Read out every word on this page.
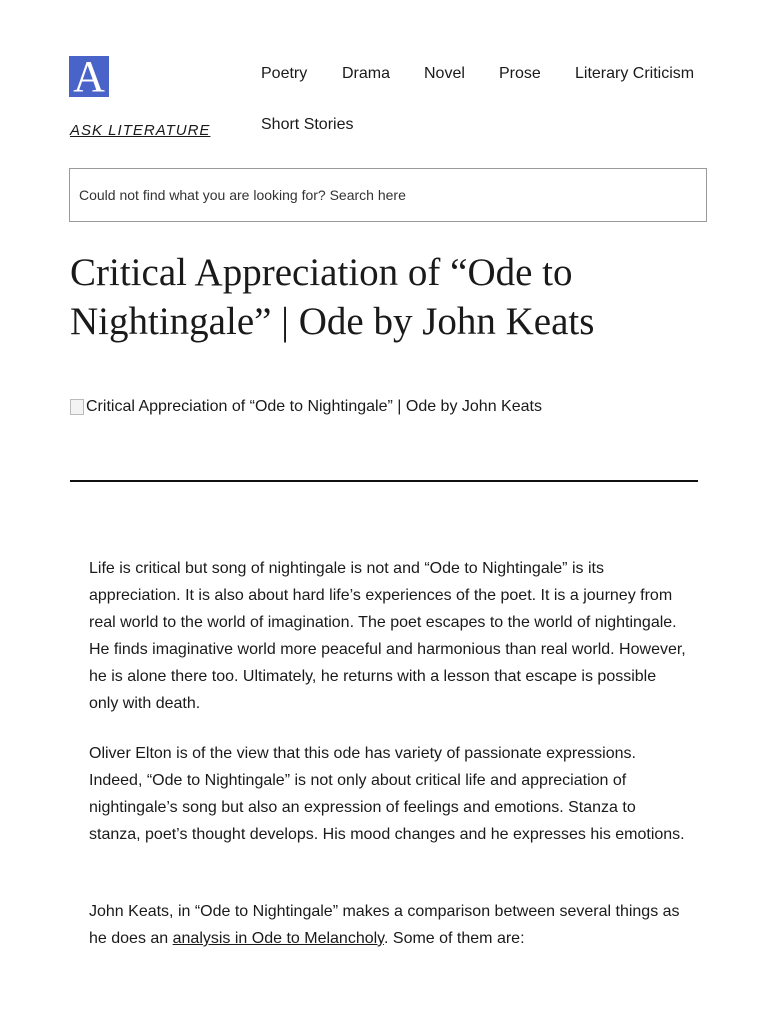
A
ASK LITERATURE
Poetry Drama Novel Prose Literary Criticism
Short Stories
Could not find what you are looking for? Search here
Critical Appreciation of “Ode to Nightingale” | Ode by John Keats
Critical Appreciation of “Ode to Nightingale” | Ode by John Keats

Life is critical but song of nightingale is not and “Ode to Nightingale” is its appreciation. It is also about hard life’s experiences of the poet. It is a journey from real world to the world of imagination. The poet escapes to the world of nightingale. He finds imaginative world more peaceful and harmonious than real world. However, he is alone there too. Ultimately, he returns with a lesson that escape is possible only with death.

Oliver Elton is of the view that this ode has variety of passionate expressions. Indeed, “Ode to Nightingale” is not only about critical life and appreciation of nightingale’s song but also an expression of feelings and emotions. Stanza to stanza, poet’s thought develops. His mood changes and he expresses his emotions.

John Keats, in “Ode to Nightingale” makes a comparison between several things as he does an analysis in Ode to Melancholy. Some of them are:
